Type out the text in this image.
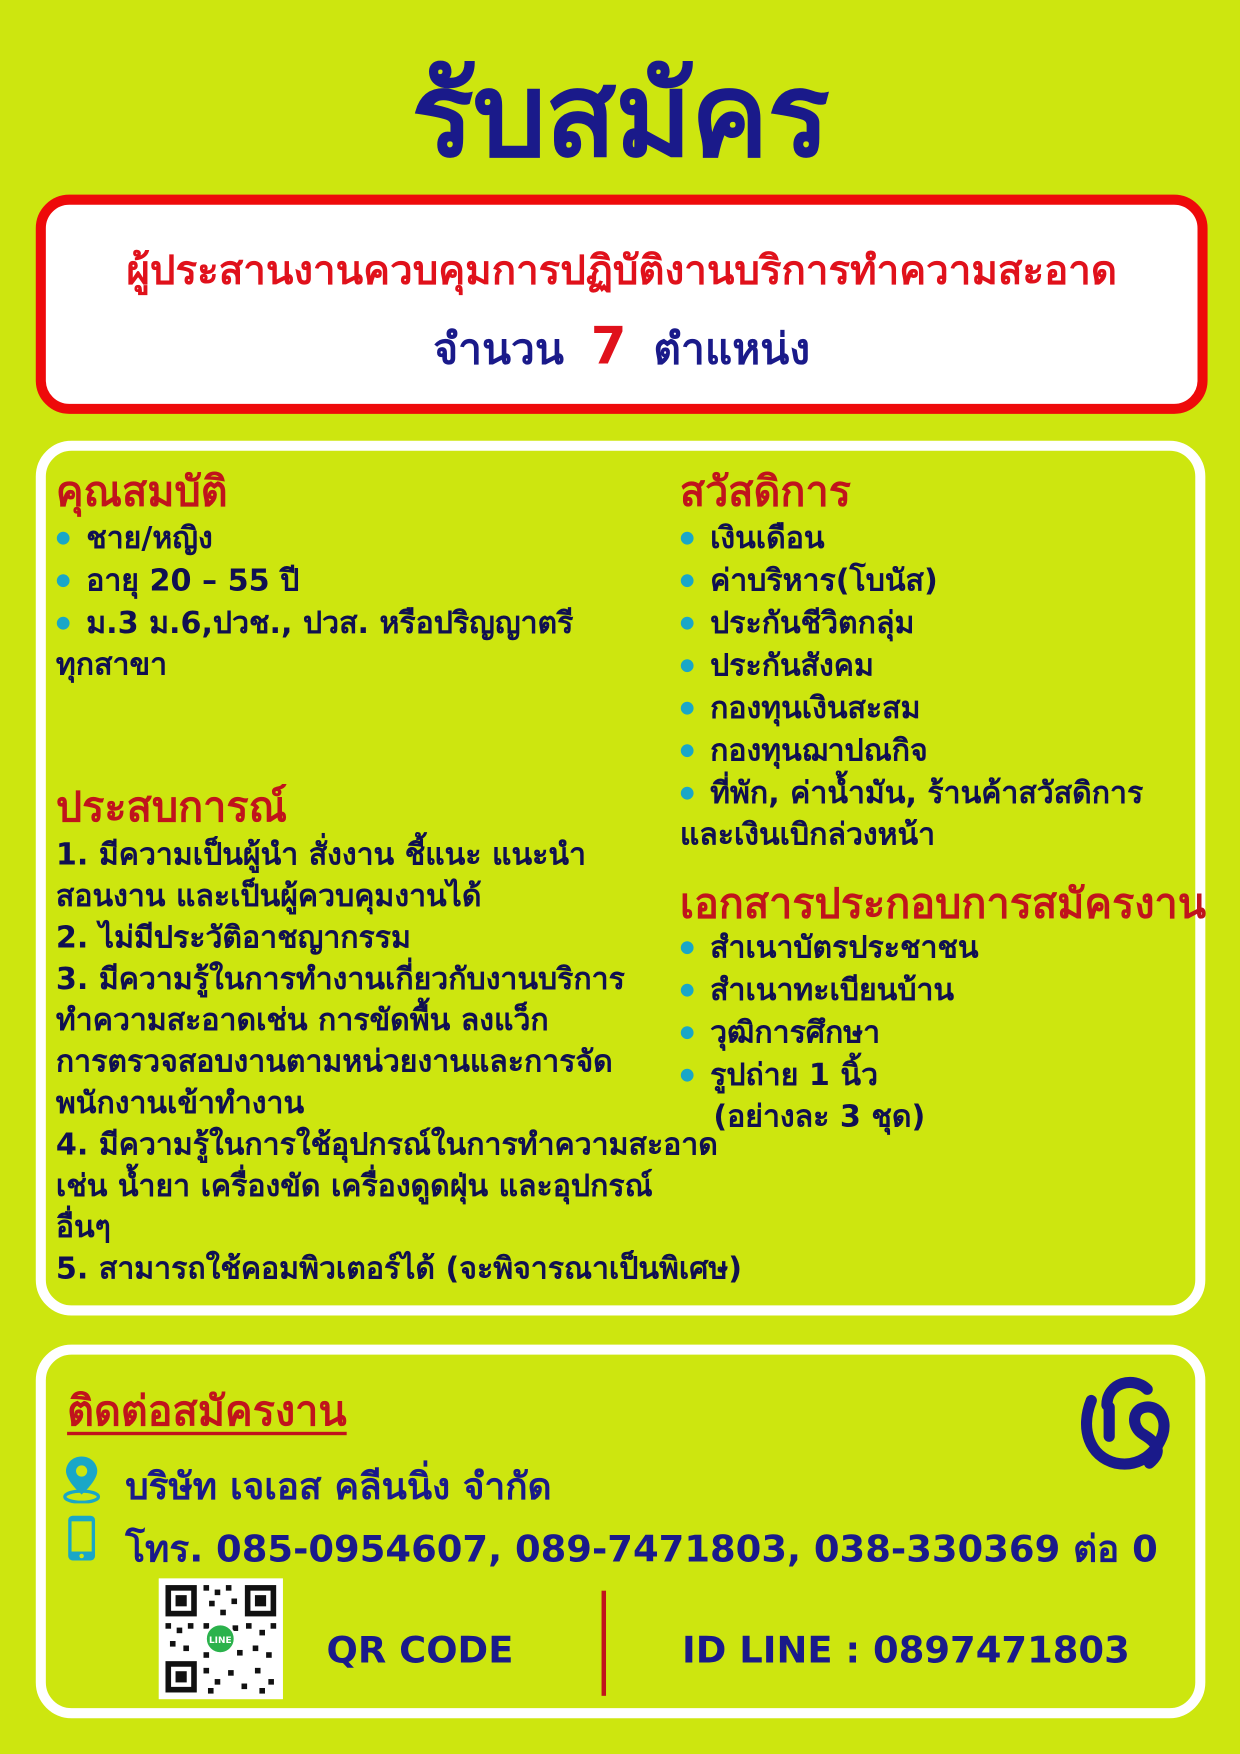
รับสมัคร
ผู้ประสานงานควบคุมการปฏิบัติงานบริการทำความสะอาด
จำนวน 7 ตำแหน่ง
คุณสมบัติ
● ชาย/หญิง
● อายุ 20 – 55 ปี
● ม.3 ม.6,ปวช., ปวส. หรือปริญญาตรี
ทุกสาขา
ประสบการณ์
1. มีความเป็นผู้นำ สั่งงาน ชี้แนะ แนะนำ
สอนงาน และเป็นผู้ควบคุมงานได้
2. ไม่มีประวัติอาชญากรรม
3. มีความรู้ในการทำงานเกี่ยวกับงานบริการ
ทำความสะอาดเช่น การขัดพื้น ลงแว็ก
การตรวจสอบงานตามหน่วยงานและการจัด
พนักงานเข้าทำงาน
4. มีความรู้ในการใช้อุปกรณ์ในการทำความสะอาด
เช่น น้ำยา เครื่องขัด เครื่องดูดฝุ่น และอุปกรณ์
อื่นๆ
5. สามารถใช้คอมพิวเตอร์ได้ (จะพิจารณาเป็นพิเศษ)
สวัสดิการ
● เงินเดือน
● ค่าบริหาร(โบนัส)
● ประกันชีวิตกลุ่ม
● ประกันสังคม
● กองทุนเงินสะสม
● กองทุนฌาปณกิจ
● ที่พัก, ค่าน้ำมัน, ร้านค้าสวัสดิการ
และเงินเบิกล่วงหน้า
เอกสารประกอบการสมัครงาน
● สำเนาบัตรประชาชน
● สำเนาทะเบียนบ้าน
● วุฒิการศึกษา
● รูปถ่าย 1 นิ้ว
(อย่างละ 3 ชุด)
ติดต่อสมัครงาน
บริษัท เจเอส คลีนนิ่ง จำกัด
โทร. 085-0954607, 089-7471803, 038-330369 ต่อ 0
LINE	QR CODE	ID LINE : 0897471803
